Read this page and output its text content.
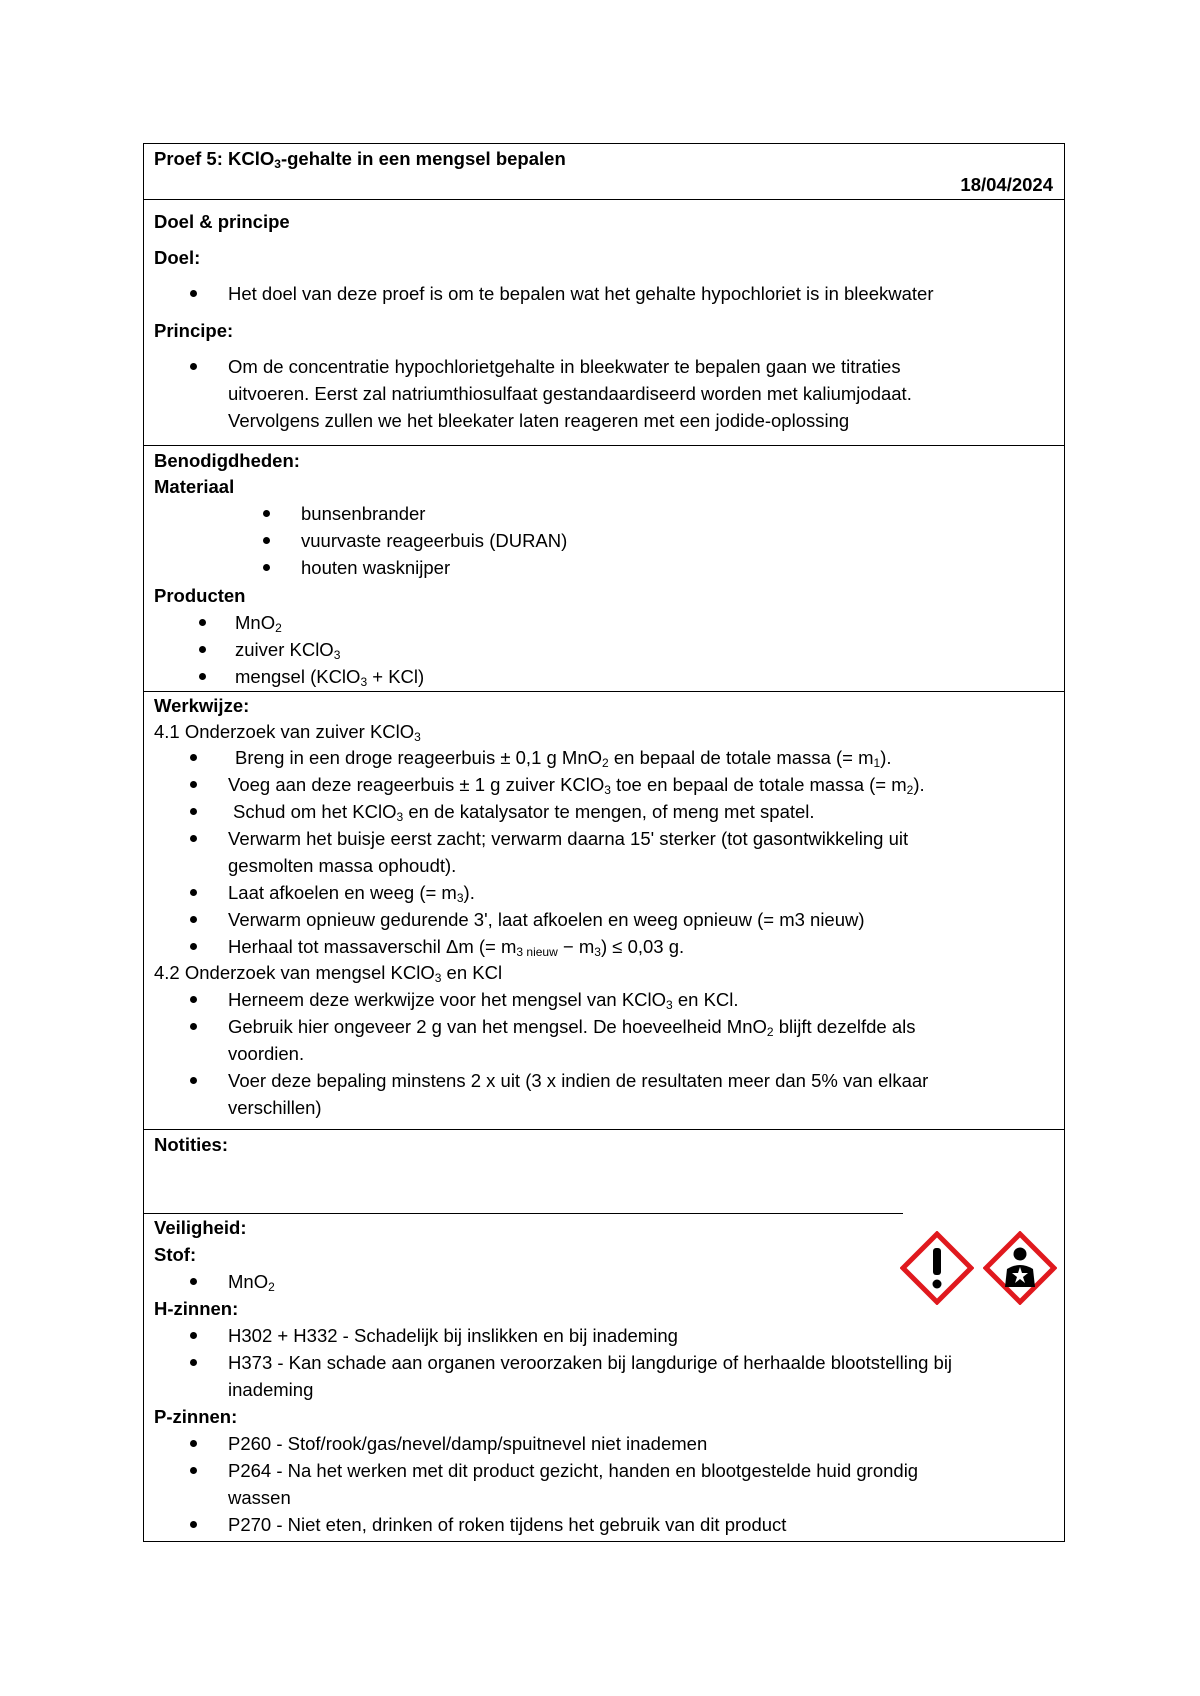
Proef 5: KClO$_3$-gehalte in een mengsel bepalen
18/04/2024
Doel & principe
Doel:
Het doel van deze proef is om te bepalen wat het gehalte hypochloriet is in bleekwater
Principe:
Om de concentratie hypochlorietgehalte in bleekwater te bepalen gaan we titraties
uitvoeren. Eerst zal natriumthiosulfaat gestandaardiseerd worden met kaliumjodaat.
Vervolgens zullen we het bleekater laten reageren met een jodide-oplossing
Benodigdheden:
Materiaal
bunsenbrander
vuurvaste reageerbuis (DURAN)
houten wasknijper
Producten
MnO$_2$
zuiver KClO$_3$
mengsel (KClO$_3$ + KCl)
Werkwijze:
4.1 Onderzoek van zuiver KClO$_3$
Breng in een droge reageerbuis ± 0,1 g MnO$_2$ en bepaal de totale massa (= $m_1$).
Voeg aan deze reageerbuis ± 1 g zuiver KClO$_3$ toe en bepaal de totale massa (= $m_2$).
Schud om het KClO$_3$ en de katalysator te mengen, of meng met spatel.
Verwarm het buisje eerst zacht; verwarm daarna 15' sterker (tot gasontwikkeling uit
gesmolten massa ophoudt).
Laat afkoelen en weeg (= $m_3$).
Verwarm opnieuw gedurende 3', laat afkoelen en weeg opnieuw (= m3 nieuw)
Herhaal tot massaverschil Δm (= $m_{3 nieuw} - m_3) \le 0,03$ g.
4.2 Onderzoek van mengsel KClO$_3$ en KCl
Herneem deze werkwijze voor het mengsel van KClO$_3$ en KCl.
Gebruik hier ongeveer 2 g van het mengsel. De hoeveelheid MnO$_2$ blijft dezelfde als
voordien.
Voer deze bepaling minstens 2 x uit (3 x indien de resultaten meer dan 5% van elkaar
verschillen)
Notities:
Veiligheid:
Stof:
MnO$_2$
H-zinnen:
H302 + H332 - Schadelijk bij inslikken en bij inademing
H373 - Kan schade aan organen veroorzaken bij langdurige of herhaalde blootstelling bij
inademing
P-zinnen:
P260 - Stof/rook/gas/nevel/damp/spuitnevel niet inademen
P264 - Na het werken met dit product gezicht, handen en blootgestelde huid grondig
wassen
P270 - Niet eten, drinken of roken tijdens het gebruik van dit product
